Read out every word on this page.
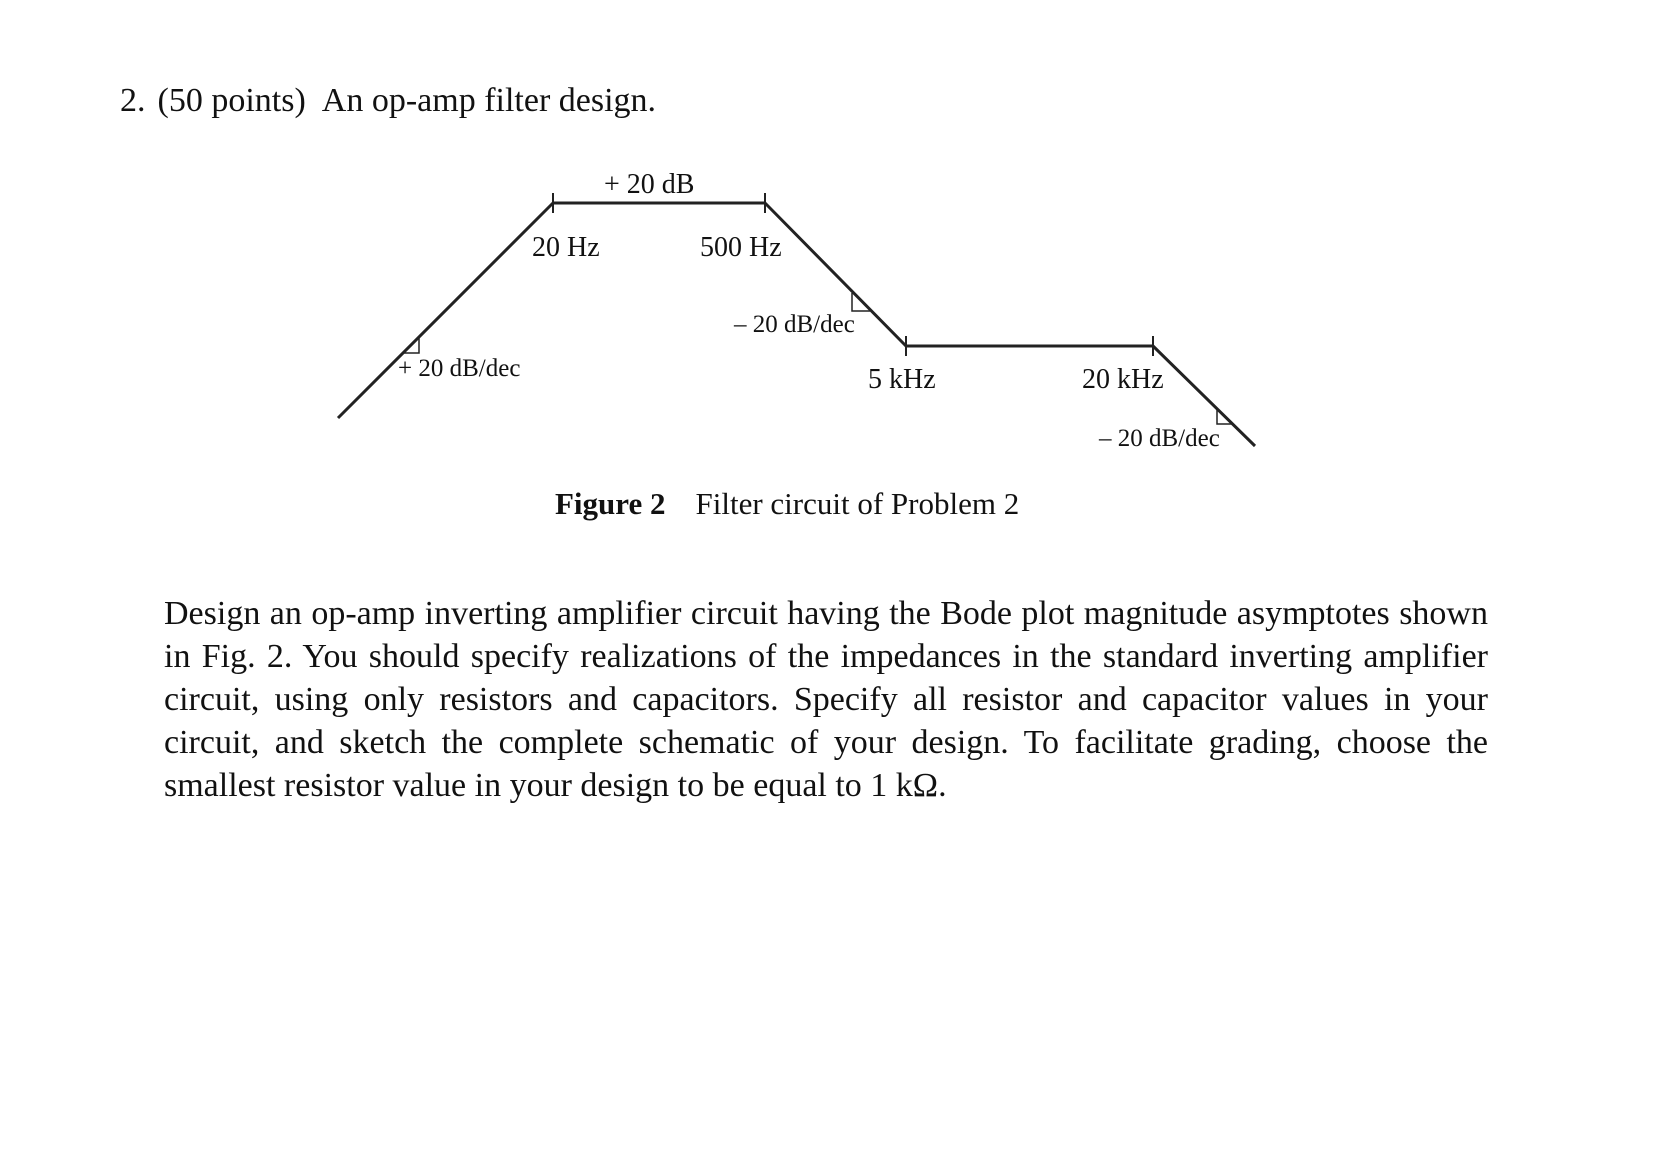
2. (50 points) An op-amp filter design.
+ 20 dB
20 Hz	500 Hz
5 kHz	20 kHz
+ 20 dB/dec
– 20 dB/dec
– 20 dB/dec
Figure 2 Filter circuit of Problem 2
Design an op-amp inverting amplifier circuit having the Bode plot magnitude asymptotes shown in Fig. 2. You should specify realizations of the impedances in the standard inverting amplifier circuit, using only resistors and capacitors. Specify all resistor and capacitor values in your circuit, and sketch the complete schematic of your design. To facilitate grading, choose the smallest resistor value in your design to be equal to 1 kΩ.
